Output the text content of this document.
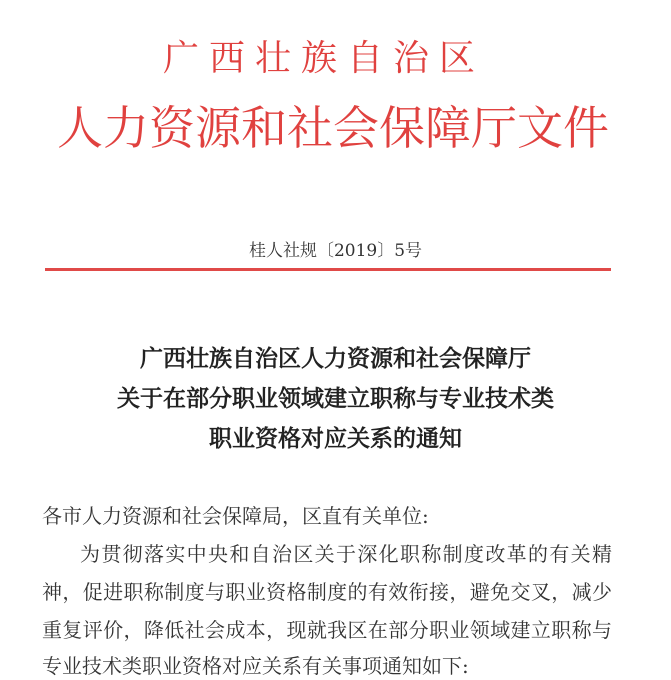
广西壮族自治区
人力资源和社会保障厅文件
桂人社规〔2019〕5号
广西壮族自治区人力资源和社会保障厅
关于在部分职业领域建立职称与专业技术类
职业资格对应关系的通知
各市人力资源和社会保障局，区直有关单位:
为贯彻落实中央和自治区关于深化职称制度改革的有关精
神，促进职称制度与职业资格制度的有效衔接，避免交叉，减少
重复评价，降低社会成本，现就我区在部分职业领域建立职称与
专业技术类职业资格对应关系有关事项通知如下:
